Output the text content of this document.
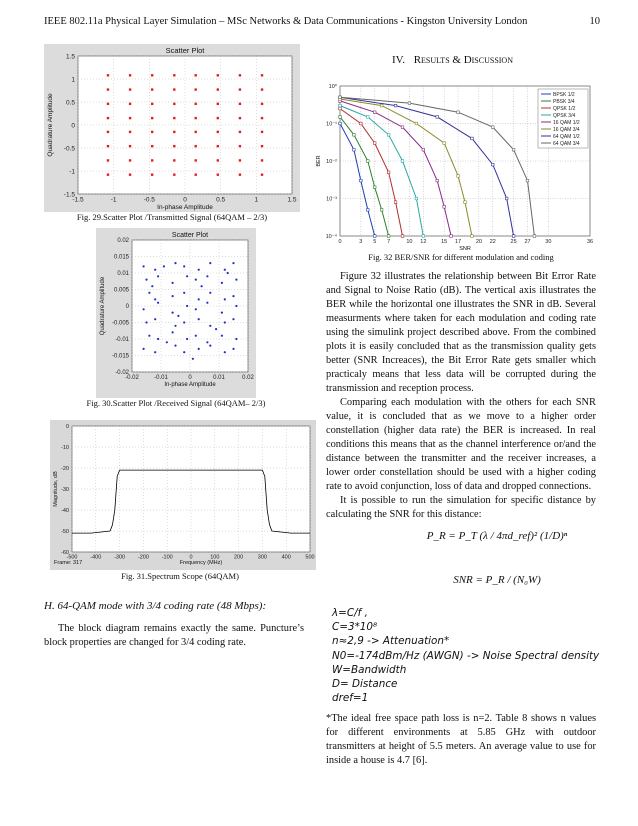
IEEE 802.11a Physical Layer Simulation – MSc Networks & Data Communications - Kingston University London	10
-1.5	-1	-0.5	0	0.5	1	1.5
1.5
1
0.5
0
-0.5
-1
-1.5
Scatter Plot
In-phase Amplitude
Quadrature Amplitude
Fig. 29.Scatter Plot /Transmitted Signal (64QAM – 2/3)
-0.02	-0.01	0	0.01	0.02
0.02
0.015
0.01
0.005
0
-0.005
-0.01
-0.015
-0.02
Scatter Plot
In-phase Amplitude
Quadrature Amplitude
Fig. 30.Scatter Plot /Received Signal (64QAM– 2/3)
-500 -400 -300 -200 -100	0	100	200	300	400	500
0
-10
-20
-30
-40
-50
-60
Frequency (MHz)
Frame: 317
Magnitude, dB
Fig. 31.Spectrum Scope (64QAM)
H. 64-QAM mode with 3/4 coding rate (48 Mbps):

The block diagram remains exactly the same. Puncture’s block properties are changed for 3/4 coding rate.

IV. Results & Discussion
0	3 5 7	10 12	15 17	20 22	25 27	30	36
10⁰
10⁻¹
10⁻²
10⁻³
10⁻⁴
SNR
BER
BPSK 1/2
PBSK 3/4
QPSK 1/2
QPSK 3/4
16 QAM 1/2
16 QAM 3/4
64 QAM 1/2
64 QAM 3/4
Fig. 32 BER/SNR for different modulation and coding

Figure 32 illustrates the relationship between Bit Error Rate and Signal to Noise Ratio (dB). The vertical axis illustrates the BER while the horizontal one illustrates the SNR in dB. Several measurments where taken for each modulation and coding rate using the simulink project described above. From the combined plots it is easily concluded that as the transmission quality gets better (SNR Increaces), the Bit Error Rate gets smaller which practicaly means that less data will be corrupted during the transmission and reception process.

Comparing each modulation with the others for each SNR value, it is concluded that as we move to a higher order constellation (higher data rate) the BER is increased. In real conditions this means that as the channel interference or/and the distance between the transmitter and the receiver increases, a lower order constellation should be used with a higher coding rate to avoid conjunction, loss of data and dropped connections.

It is possible to run the simulation for specific distance by calculating the SNR for this distance:

P_R = P_T (λ / 4πd_ref)² (1/D)ⁿ
SNR = P_R / (N₀W)
λ=C/f ,
C=3*10⁸
n≈2,9 -> Attenuation*
N0=-174dBm/Hz (AWGN) -> Noise Spectral density
W=Bandwidth
D= Distance
dref=1
*The ideal free space path loss is n=2. Table 8 shows n values for different environments at 5.85 GHz with outdoor transmitters at height of 5.5 meters. An average value to use for inside a house is 4.7 [6].
